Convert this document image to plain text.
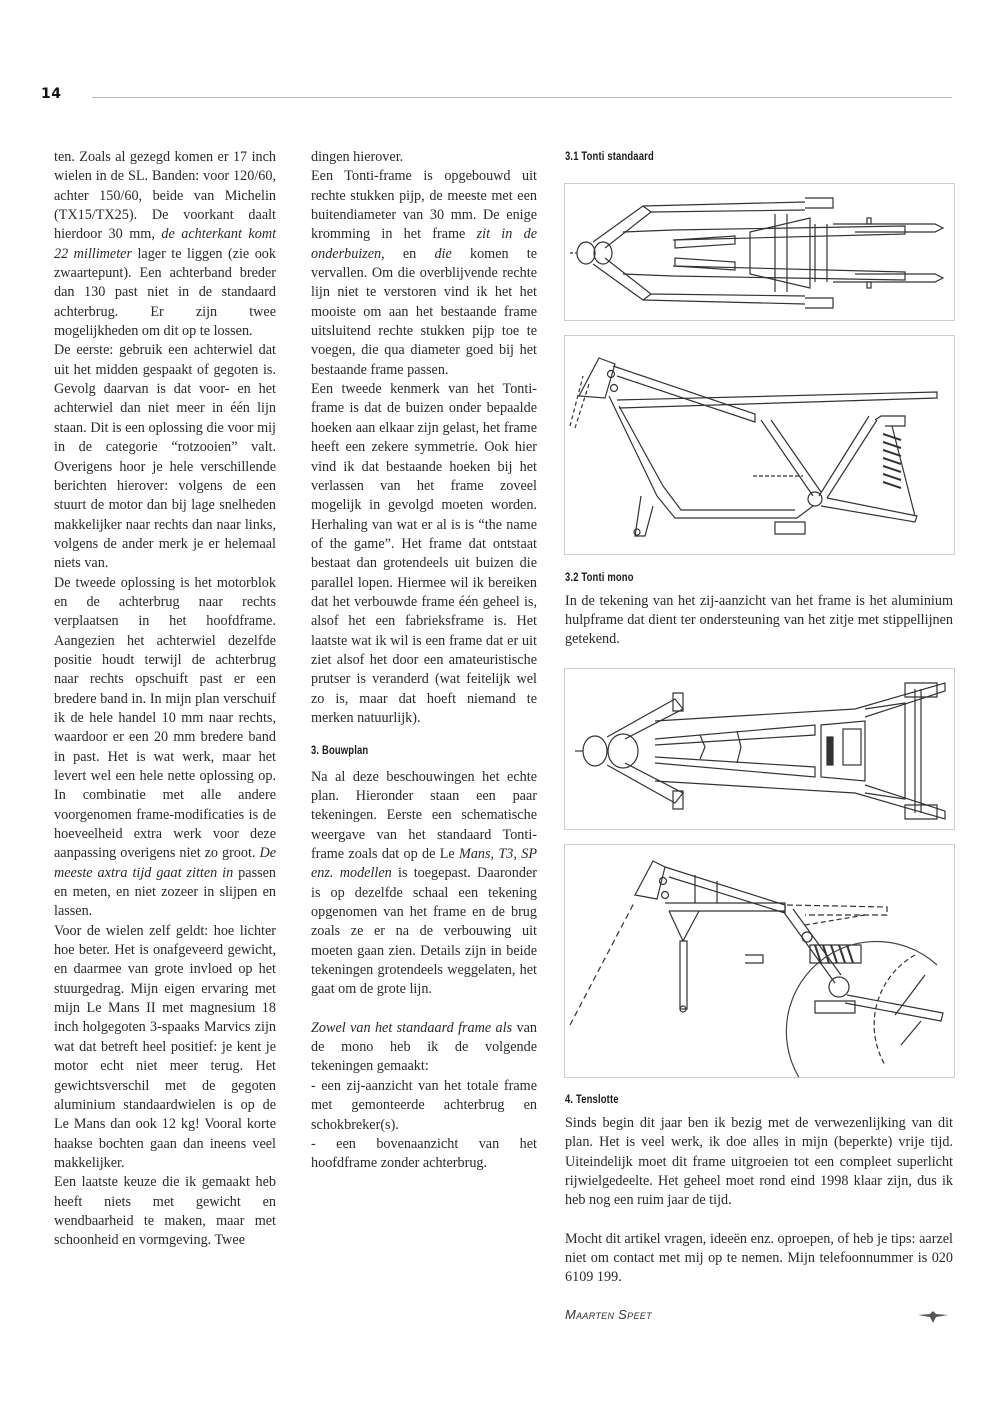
14

ten. Zoals al gezegd komen er 17 inch wielen in de SL. Banden: voor 120/60, achter 150/60, beide van Michelin (TX15/TX25). De voorkant daalt hierdoor 30 mm, de achterkant komt 22 millimeter lager te liggen (zie ook zwaartepunt). Een achterband breder dan 130 past niet in de standaard achterbrug. Er zijn twee mogelijkheden om dit op te lossen.

De eerste: gebruik een achterwiel dat uit het midden gespaakt of gegoten is. Gevolg daarvan is dat voor- en het achterwiel dan niet meer in één lijn staan. Dit is een oplossing die voor mij in de categorie “rotzooien” valt. Overigens hoor je hele verschillende berichten hierover: volgens de een stuurt de motor dan bij lage snelheden makkelijker naar rechts dan naar links, volgens de ander merk je er helemaal niets van.

De tweede oplossing is het motorblok en de achterbrug naar rechts verplaatsen in het hoofdframe. Aangezien het achterwiel dezelfde positie houdt terwijl de achterbrug naar rechts opschuift past er een bredere band in. In mijn plan verschuif ik de hele handel 10 mm naar rechts, waardoor er een 20 mm bredere band in past. Het is wat werk, maar het levert wel een hele nette oplossing op. In combinatie met alle andere voorgenomen frame-modificaties is de hoeveelheid extra werk voor deze aanpassing overigens niet zo groot. De meeste axtra tijd gaat zitten in passen en meten, en niet zozeer in slijpen en lassen.

Voor de wielen zelf geldt: hoe lichter hoe beter. Het is onafgeveerd gewicht, en daarmee van grote invloed op het stuurgedrag. Mijn eigen ervaring met mijn Le Mans II met magnesium 18 inch holgegoten 3-spaaks Marvics zijn wat dat betreft heel positief: je kent je motor echt niet meer terug. Het gewichtsverschil met de gegoten aluminium standaardwielen is op de Le Mans dan ook 12 kg! Vooral korte haakse bochten gaan dan ineens veel makkelijker.

Een laatste keuze die ik gemaakt heb heeft niets met gewicht en wendbaarheid te maken, maar met schoonheid en vormgeving. Twee

dingen hierover.

Een Tonti-frame is opgebouwd uit rechte stukken pijp, de meeste met een buitendiameter van 30 mm. De enige kromming in het frame zit in de onderbuizen, en die komen te vervallen. Om die overblijvende rechte lijn niet te verstoren vind ik het het mooiste om aan het bestaande frame uitsluitend rechte stukken pijp toe te voegen, die qua diameter goed bij het bestaande frame passen.

Een tweede kenmerk van het Tonti-frame is dat de buizen onder bepaalde hoeken aan elkaar zijn gelast, het frame heeft een zekere symmetrie. Ook hier vind ik dat bestaande hoeken bij het verlassen van het frame zoveel mogelijk in gevolgd moeten worden. Herhaling van wat er al is is “the name of the game”. Het frame dat ontstaat bestaat dan grotendeels uit buizen die parallel lopen. Hiermee wil ik bereiken dat het verbouwde frame één geheel is, alsof het een fabrieksframe is. Het laatste wat ik wil is een frame dat er uit ziet alsof het door een amateuristische prutser is veranderd (wat feitelijk wel zo is, maar dat hoeft niemand te merken natuurlijk).

3. Bouwplan

Na al deze beschouwingen het echte plan. Hieronder staan een paar tekeningen. Eerste een schematische weergave van het standaard Tonti-frame zoals dat op de Le Mans, T3, SP enz. modellen is toegepast. Daaronder is op dezelfde schaal een tekening opgenomen van het frame en de brug zoals ze er na de verbouwing uit moeten gaan zien. Details zijn in beide tekeningen grotendeels weggelaten, het gaat om de grote lijn.

Zowel van het standaard frame als van de mono heb ik de volgende tekeningen gemaakt:

- een zij-aanzicht van het totale frame met gemonteerde achterbrug en schokbreker(s).

- een bovenaanzicht van het hoofdframe zonder achterbrug.

3.1 Tonti standaard
3.2 Tonti mono

In de tekening van het zij-aanzicht van het frame is het aluminium hulpframe dat dient ter ondersteuning van het zitje met stippellijnen getekend.

4. Tenslotte

Sinds begin dit jaar ben ik bezig met de verwezenlijking van dit plan. Het is veel werk, ik doe alles in mijn (beperkte) vrije tijd. Uiteindelijk moet dit frame uitgroeien tot een compleet superlicht rijwielgedeelte. Het geheel moet rond eind 1998 klaar zijn, dus ik heb nog een ruim jaar de tijd.

Mocht dit artikel vragen, ideeën enz. oproepen, of heb je tips: aarzel niet om contact met mij op te nemen. Mijn telefoonnummer is 020 6109 199.

Maarten Speet
